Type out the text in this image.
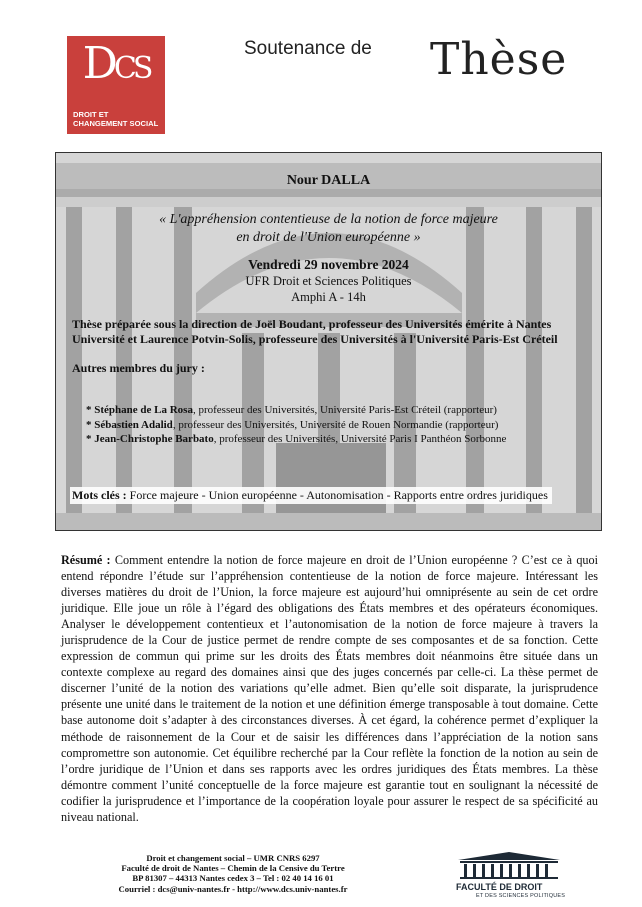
DCS
DROIT ET
CHANGEMENT SOCIAL
Soutenance de Thèse
Nour DALLA
« L'appréhension contentieuse de la notion de force majeure
en droit de l'Union européenne »
Vendredi 29 novembre 2024
UFR Droit et Sciences Politiques
Amphi A - 14h
Thèse préparée sous la direction de Joël Boudant, professeur des Universités émérite à Nantes Université et Laurence Potvin-Solis, professeure des Universités à l'Université Paris-Est Créteil
Autres membres du jury :
* Stéphane de La Rosa, professeur des Universités, Université Paris-Est Créteil (rapporteur)
* Sébastien Adalid, professeur des Universités, Université de Rouen Normandie (rapporteur)
* Jean-Christophe Barbato, professeur des Universités, Université Paris I Panthéon Sorbonne
Mots clés : Force majeure - Union européenne - Autonomisation - Rapports entre ordres juridiques
Résumé : Comment entendre la notion de force majeure en droit de l’Union européenne ? C’est ce à quoi entend répondre l’étude sur l’appréhension contentieuse de la notion de force majeure. Intéressant les diverses matières du droit de l’Union, la force majeure est aujourd’hui omniprésente au sein de cet ordre juridique. Elle joue un rôle à l’égard des obligations des États membres et des opérateurs économiques. Analyser le développement contentieux et l’autonomisation de la notion de force majeure à travers la jurisprudence de la Cour de justice permet de rendre compte de ses composantes et de sa fonction. Cette expression de commun qui prime sur les droits des États membres doit néanmoins être située dans un contexte complexe au regard des domaines ainsi que des juges concernés par celle-ci. La thèse permet de discerner l’unité de la notion des variations qu’elle admet. Bien qu’elle soit disparate, la jurisprudence présente une unité dans le traitement de la notion et une définition émerge transposable à tout domaine. Cette base autonome doit s’adapter à des circonstances diverses. À cet égard, la cohérence permet d’expliquer la méthode de raisonnement de la Cour et de saisir les différences dans l’appréciation de la notion sans compromettre son autonomie. Cet équilibre recherché par la Cour reflète la fonction de la notion au sein de l’ordre juridique de l’Union et dans ses rapports avec les ordres juridiques des États membres. La thèse démontre comment l’unité conceptuelle de la force majeure est garantie tout en soulignant la nécessité de codifier la jurisprudence et l’importance de la coopération loyale pour assurer le respect de sa spécificité au niveau national.
Droit et changement social – UMR CNRS 6297
Faculté de droit de Nantes – Chemin de la Censive du Tertre
BP 81307 – 44313 Nantes cedex 3 – Tel : 02 40 14 16 01
Courriel : dcs@univ-nantes.fr - http://www.dcs.univ-nantes.fr	FACULTÉ DE DROIT
ET DES SCIENCES POLITIQUES
